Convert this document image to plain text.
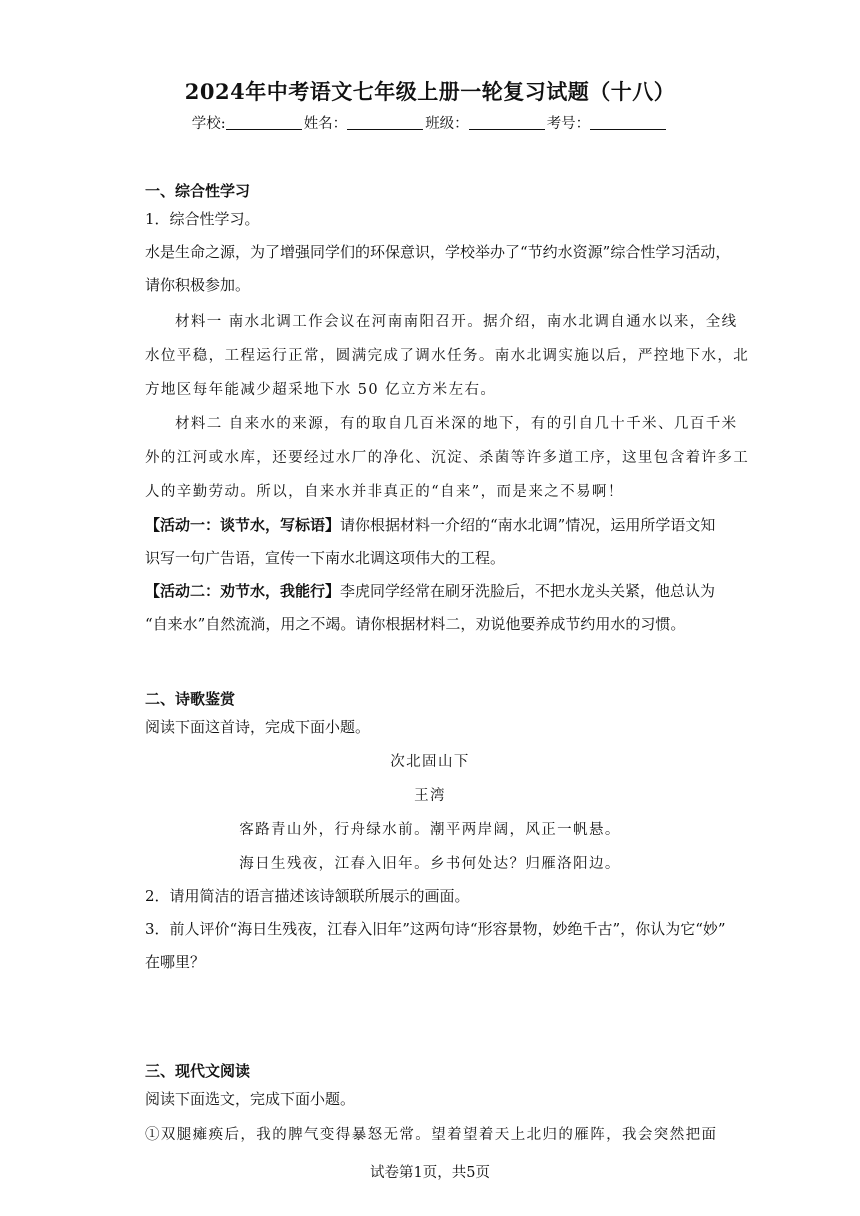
2024年中考语文七年级上册一轮复习试题（十八）
学校:	姓名：	班级：	考号：
一、综合性学习
1．综合性学习。
水是生命之源，为了增强同学们的环保意识，学校举办了“节约水资源”综合性学习活动，
请你积极参加。
材料一 南水北调工作会议在河南南阳召开。据介绍，南水北调自通水以来，全线
水位平稳，工程运行正常，圆满完成了调水任务。南水北调实施以后，严控地下水，北
方地区每年能减少超采地下水 50 亿立方米左右。
材料二 自来水的来源，有的取自几百米深的地下，有的引自几十千米、几百千米
外的江河或水库，还要经过水厂的净化、沉淀、杀菌等许多道工序，这里包含着许多工
人的辛勤劳动。所以，自来水并非真正的“自来”，而是来之不易啊！
【活动一：谈节水，写标语】请你根据材料一介绍的“南水北调”情况，运用所学语文知
识写一句广告语，宣传一下南水北调这项伟大的工程。
【活动二：劝节水，我能行】李虎同学经常在刷牙洗脸后，不把水龙头关紧，他总认为
“自来水”自然流淌，用之不竭。请你根据材料二，劝说他要养成节约用水的习惯。
二、诗歌鉴赏
阅读下面这首诗，完成下面小题。
次北固山下
王湾
客路青山外，行舟绿水前。潮平两岸阔，风正一帆悬。
海日生残夜，江春入旧年。乡书何处达？归雁洛阳边。
2．请用简洁的语言描述该诗颔联所展示的画面。
3．前人评价“海日生残夜，江春入旧年”这两句诗“形容景物，妙绝千古”，你认为它“妙”
在哪里？
三、现代文阅读
阅读下面选文，完成下面小题。
①双腿瘫痪后，我的脾气变得暴怒无常。望着望着天上北归的雁阵，我会突然把面
试卷第1页，共5页
